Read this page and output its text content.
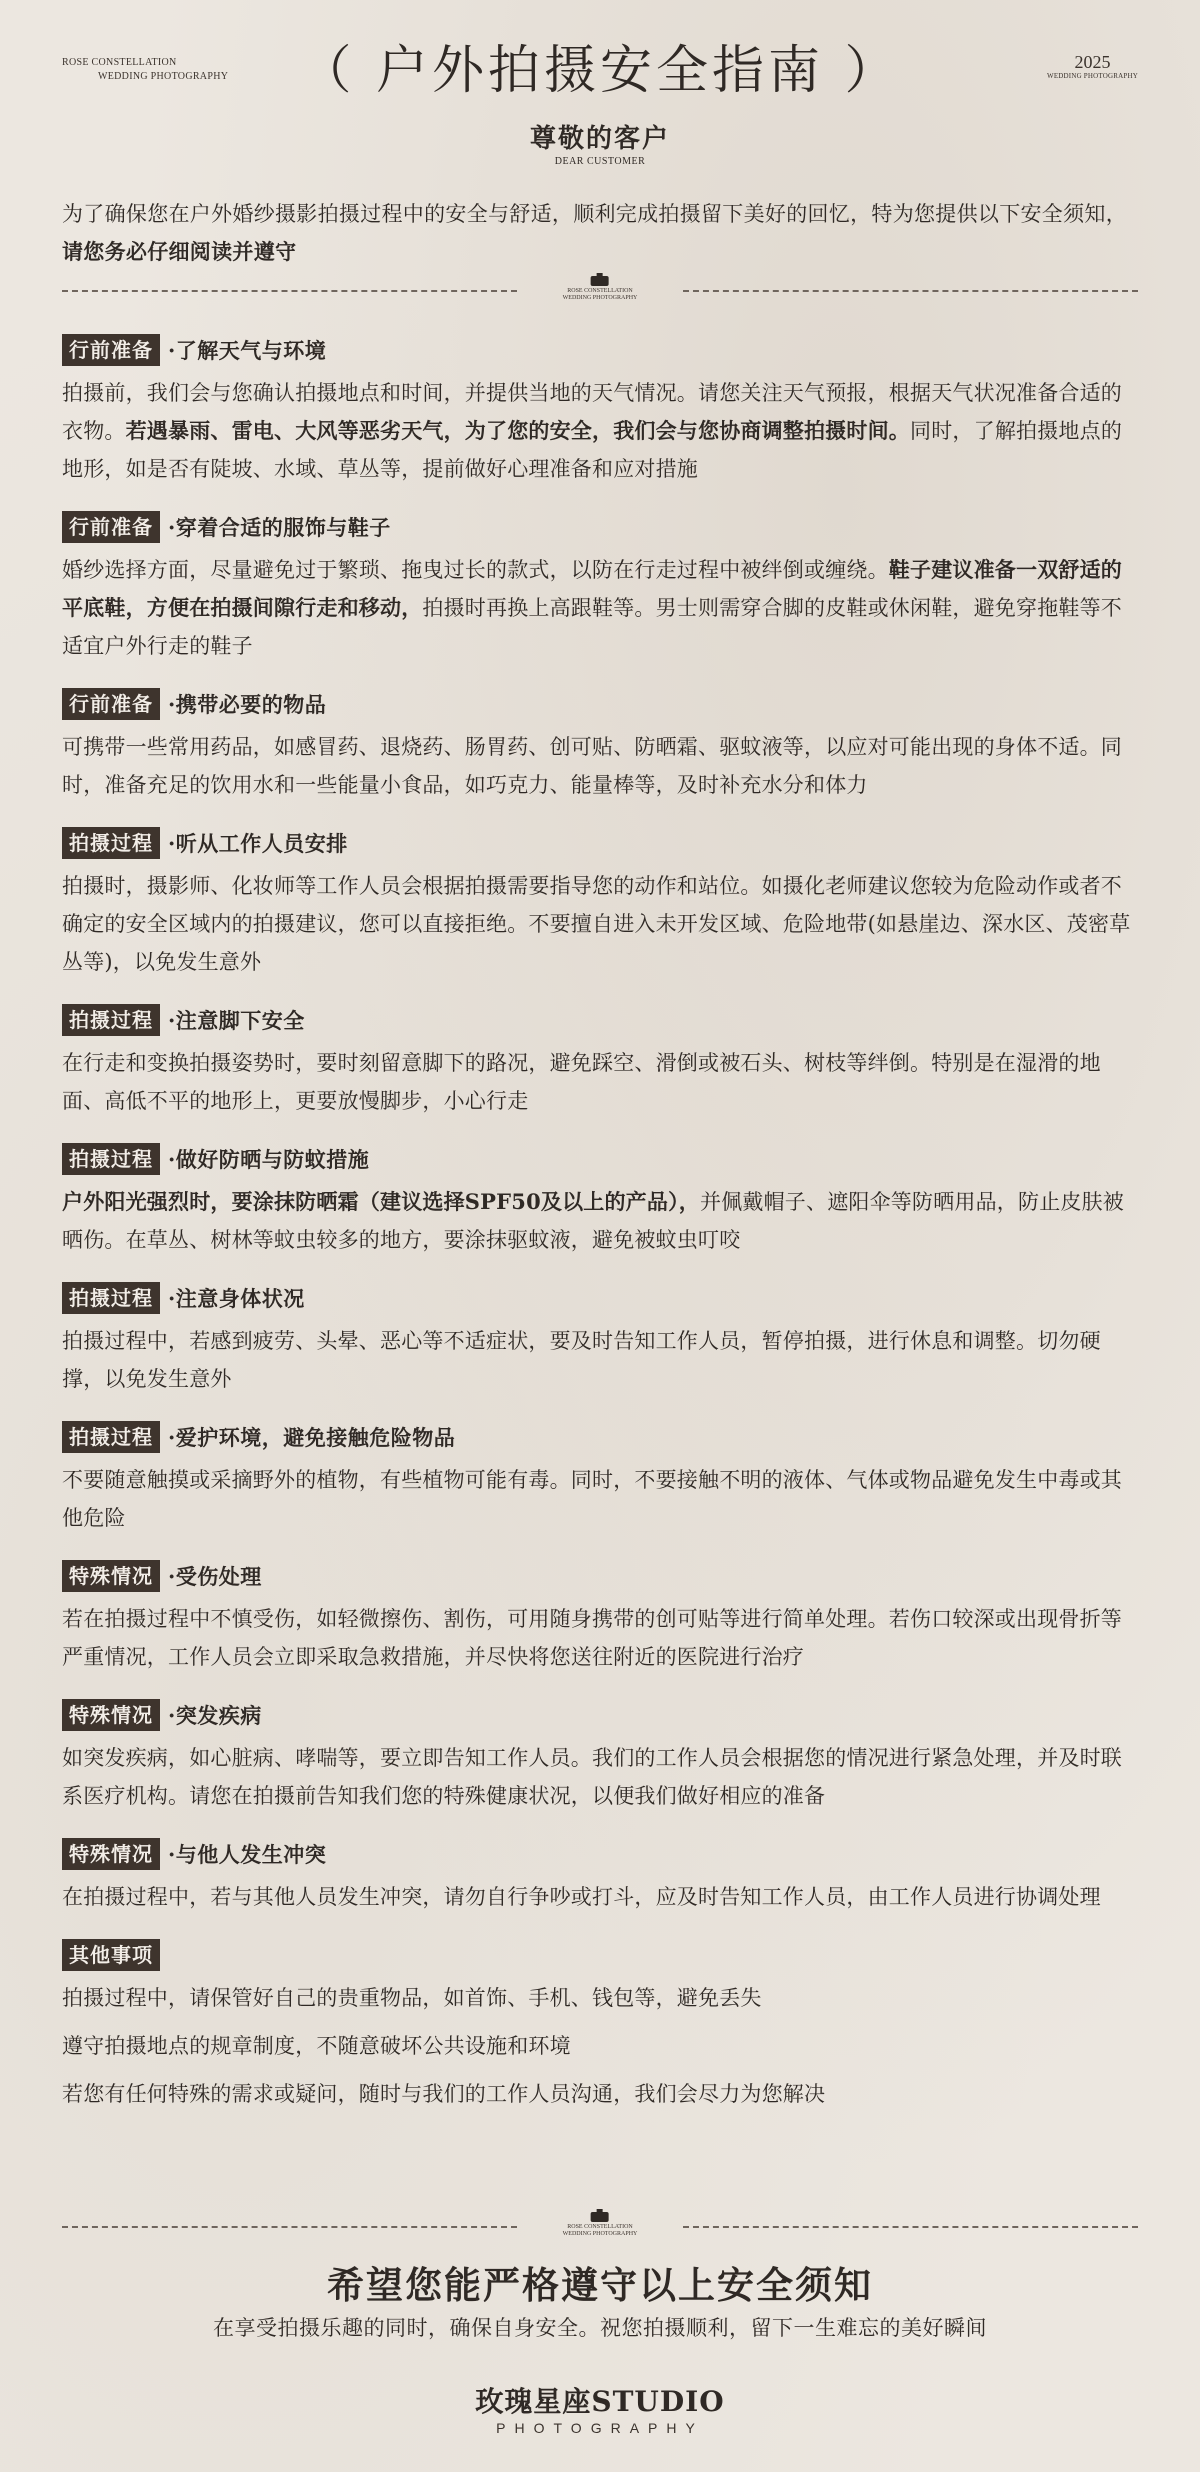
ROSE CONSTELLATION
WEDDING PHOTOGRAPHY	（ 户外拍摄安全指南 ）	2025
WEDDING PHOTOGRAPHY
尊敬的客户
DEAR CUSTOMER
为了确保您在户外婚纱摄影拍摄过程中的安全与舒适，顺利完成拍摄留下美好的回忆，特为您提供以下安全须知，请您务必仔细阅读并遵守
ROSE CONSTELLATION
WEDDING PHOTOGRAPHY
行前准备 ·了解天气与环境
拍摄前，我们会与您确认拍摄地点和时间，并提供当地的天气情况。请您关注天气预报，根据天气状况准备合适的衣物。若遇暴雨、雷电、大风等恶劣天气，为了您的安全，我们会与您协商调整拍摄时间。同时，了解拍摄地点的地形，如是否有陡坡、水域、草丛等，提前做好心理准备和应对措施
行前准备 ·穿着合适的服饰与鞋子
婚纱选择方面，尽量避免过于繁琐、拖曳过长的款式，以防在行走过程中被绊倒或缠绕。鞋子建议准备一双舒适的平底鞋，方便在拍摄间隙行走和移动，拍摄时再换上高跟鞋等。男士则需穿合脚的皮鞋或休闲鞋，避免穿拖鞋等不适宜户外行走的鞋子
行前准备 ·携带必要的物品
可携带一些常用药品，如感冒药、退烧药、肠胃药、创可贴、防晒霜、驱蚊液等，以应对可能出现的身体不适。同时，准备充足的饮用水和一些能量小食品，如巧克力、能量棒等，及时补充水分和体力
拍摄过程 ·听从工作人员安排
拍摄时，摄影师、化妆师等工作人员会根据拍摄需要指导您的动作和站位。如摄化老师建议您较为危险动作或者不确定的安全区域内的拍摄建议，您可以直接拒绝。不要擅自进入未开发区域、危险地带(如悬崖边、深水区、茂密草丛等)，以免发生意外
拍摄过程 ·注意脚下安全
在行走和变换拍摄姿势时，要时刻留意脚下的路况，避免踩空、滑倒或被石头、树枝等绊倒。特别是在湿滑的地面、高低不平的地形上，更要放慢脚步，小心行走
拍摄过程 ·做好防晒与防蚊措施
户外阳光强烈时，要涂抹防晒霜（建议选择SPF50及以上的产品），并佩戴帽子、遮阳伞等防晒用品，防止皮肤被晒伤。在草丛、树林等蚊虫较多的地方，要涂抹驱蚊液，避免被蚊虫叮咬
拍摄过程 ·注意身体状况
拍摄过程中，若感到疲劳、头晕、恶心等不适症状，要及时告知工作人员，暂停拍摄，进行休息和调整。切勿硬撑，以免发生意外
拍摄过程 ·爱护环境，避免接触危险物品
不要随意触摸或采摘野外的植物，有些植物可能有毒。同时，不要接触不明的液体、气体或物品避免发生中毒或其他危险
特殊情况 ·受伤处理
若在拍摄过程中不慎受伤，如轻微擦伤、割伤，可用随身携带的创可贴等进行简单处理。若伤口较深或出现骨折等严重情况，工作人员会立即采取急救措施，并尽快将您送往附近的医院进行治疗
特殊情况 ·突发疾病
如突发疾病，如心脏病、哮喘等，要立即告知工作人员。我们的工作人员会根据您的情况进行紧急处理，并及时联系医疗机构。请您在拍摄前告知我们您的特殊健康状况，以便我们做好相应的准备
特殊情况 ·与他人发生冲突
在拍摄过程中，若与其他人员发生冲突，请勿自行争吵或打斗，应及时告知工作人员，由工作人员进行协调处理
其他事项

拍摄过程中，请保管好自己的贵重物品，如首饰、手机、钱包等，避免丢失

遵守拍摄地点的规章制度，不随意破坏公共设施和环境

若您有任何特殊的需求或疑问，随时与我们的工作人员沟通，我们会尽力为您解决

ROSE CONSTELLATION
WEDDING PHOTOGRAPHY
希望您能严格遵守以上安全须知
在享受拍摄乐趣的同时，确保自身安全。祝您拍摄顺利，留下一生难忘的美好瞬间
玫瑰星座STUDIO
PHOTOGRAPHY
